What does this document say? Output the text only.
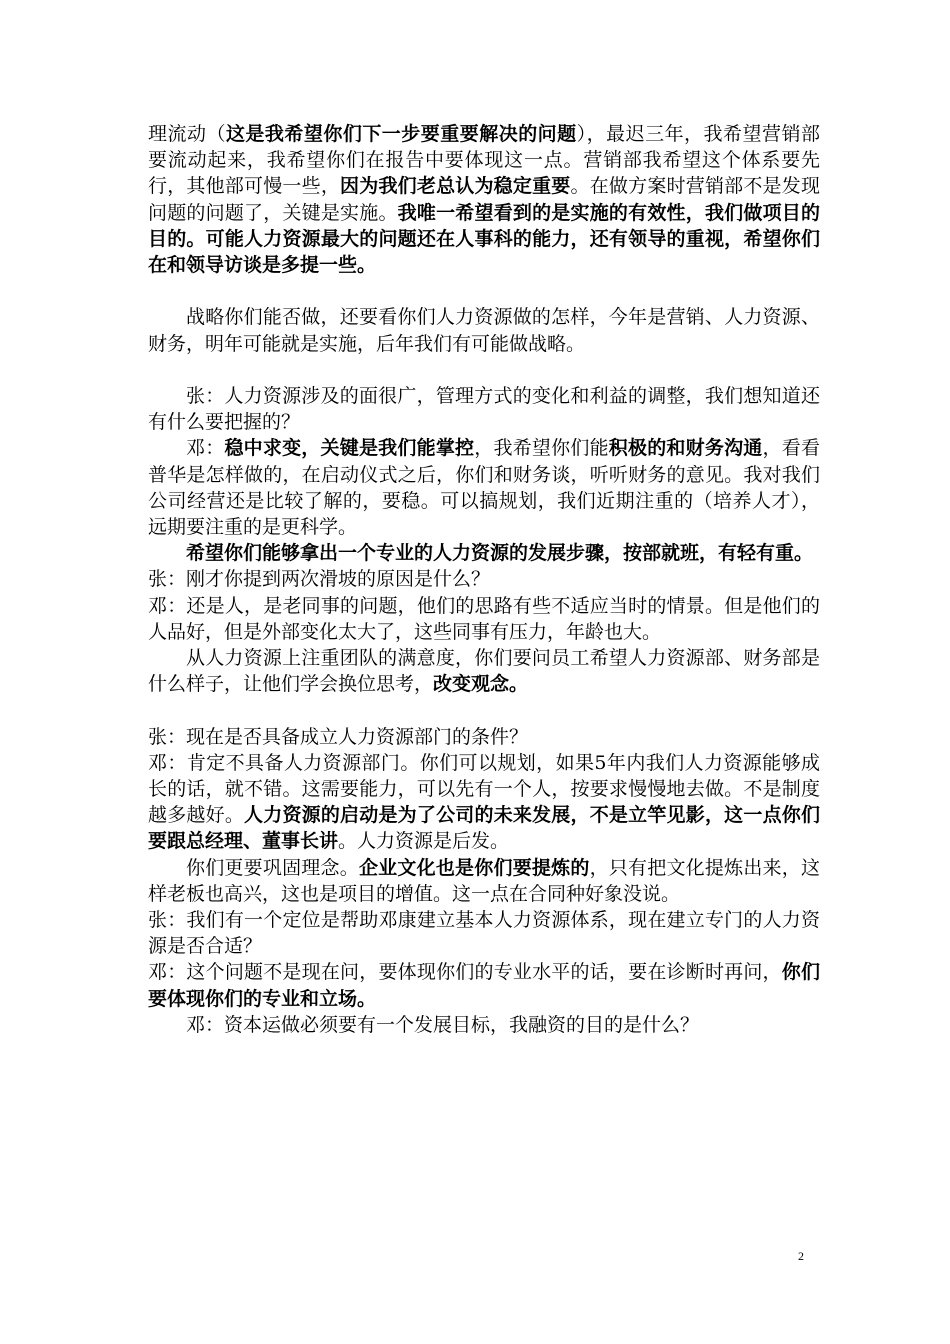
理流动（这是我希望你们下一步要重要解决的问题），最迟三年，我希望营销部要流动起来，我希望你们在报告中要体现这一点。营销部我希望这个体系要先行，其他部可慢一些，因为我们老总认为稳定重要。在做方案时营销部不是发现问题的问题了，关键是实施。我唯一希望看到的是实施的有效性，我们做项目的目的。可能人力资源最大的问题还在人事科的能力，还有领导的重视，希望你们在和领导访谈是多提一些。

战略你们能否做，还要看你们人力资源做的怎样，今年是营销、人力资源、财务，明年可能就是实施，后年我们有可能做战略。

张：人力资源涉及的面很广，管理方式的变化和利益的调整，我们想知道还有什么要把握的？

邓：稳中求变，关键是我们能掌控，我希望你们能积极的和财务沟通，看看普华是怎样做的，在启动仪式之后，你们和财务谈，听听财务的意见。我对我们公司经营还是比较了解的，要稳。可以搞规划，我们近期注重的（培养人才），远期要注重的是更科学。

希望你们能够拿出一个专业的人力资源的发展步骤，按部就班，有轻有重。

张：刚才你提到两次滑坡的原因是什么？

邓：还是人，是老同事的问题，他们的思路有些不适应当时的情景。但是他们的人品好，但是外部变化太大了，这些同事有压力，年龄也大。

从人力资源上注重团队的满意度，你们要问员工希望人力资源部、财务部是什么样子，让他们学会换位思考，改变观念。

张：现在是否具备成立人力资源部门的条件？

邓：肯定不具备人力资源部门。你们可以规划，如果5年内我们人力资源能够成长的话，就不错。这需要能力，可以先有一个人，按要求慢慢地去做。不是制度越多越好。人力资源的启动是为了公司的未来发展，不是立竿见影，这一点你们要跟总经理、董事长讲。人力资源是后发。

你们更要巩固理念。企业文化也是你们要提炼的，只有把文化提炼出来，这样老板也高兴，这也是项目的增值。这一点在合同种好象没说。

张：我们有一个定位是帮助邓康建立基本人力资源体系，现在建立专门的人力资源是否合适？

邓：这个问题不是现在问，要体现你们的专业水平的话，要在诊断时再问，你们要体现你们的专业和立场。

邓：资本运做必须要有一个发展目标，我融资的目的是什么？

2
